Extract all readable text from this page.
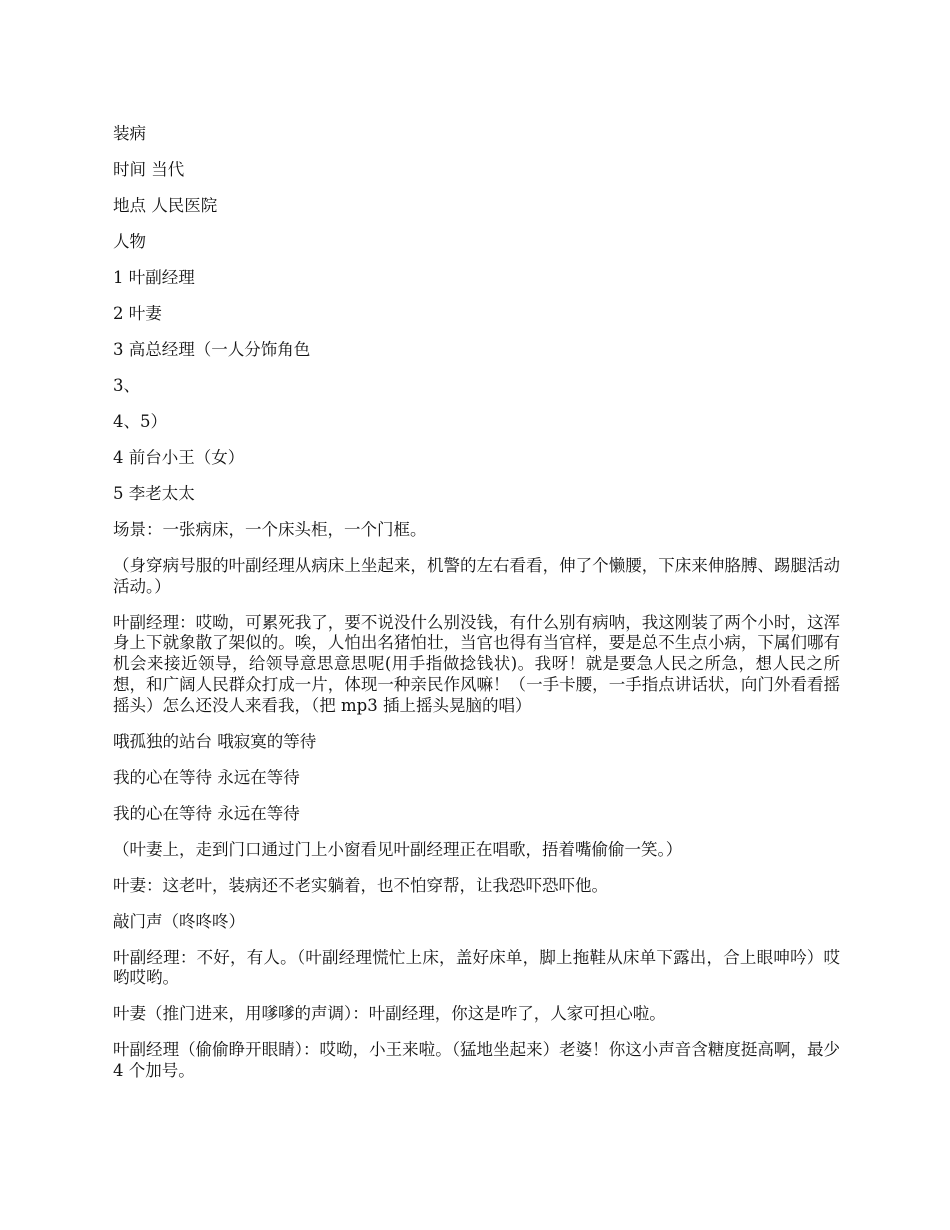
装病

时间 当代

地点 人民医院

人物

1 叶副经理

2 叶妻

3 高总经理（一人分饰角色

3、

4、5）

4 前台小王（女）

5 李老太太

场景：一张病床，一个床头柜，一个门框。

（身穿病号服的叶副经理从病床上坐起来，机警的左右看看，伸了个懒腰，下床来伸胳膊、踢腿活动活动。）

叶副经理：哎呦，可累死我了，要不说没什么别没钱，有什么别有病呐，我这刚装了两个小时，这浑身上下就象散了架似的。唉，人怕出名猪怕壮，当官也得有当官样，要是总不生点小病，下属们哪有机会来接近领导，给领导意思意思呢(用手指做捻钱状)。我呀！就是要急人民之所急，想人民之所想，和广阔人民群众打成一片，体现一种亲民作风嘛！（一手卡腰，一手指点讲话状，向门外看看摇摇头）怎么还没人来看我，（把 mp3 插上摇头晃脑的唱）

哦孤独的站台 哦寂寞的等待

我的心在等待 永远在等待

我的心在等待 永远在等待

（叶妻上，走到门口通过门上小窗看见叶副经理正在唱歌，捂着嘴偷偷一笑。）

叶妻：这老叶，装病还不老实躺着，也不怕穿帮，让我恐吓恐吓他。

敲门声（咚咚咚）

叶副经理：不好，有人。（叶副经理慌忙上床，盖好床单，脚上拖鞋从床单下露出，合上眼呻吟）哎哟哎哟。

叶妻（推门进来，用嗲嗲的声调）：叶副经理，你这是咋了，人家可担心啦。

叶副经理（偷偷睁开眼睛）：哎呦，小王来啦。（猛地坐起来）老婆！你这小声音含糖度挺高啊，最少 4 个加号。
